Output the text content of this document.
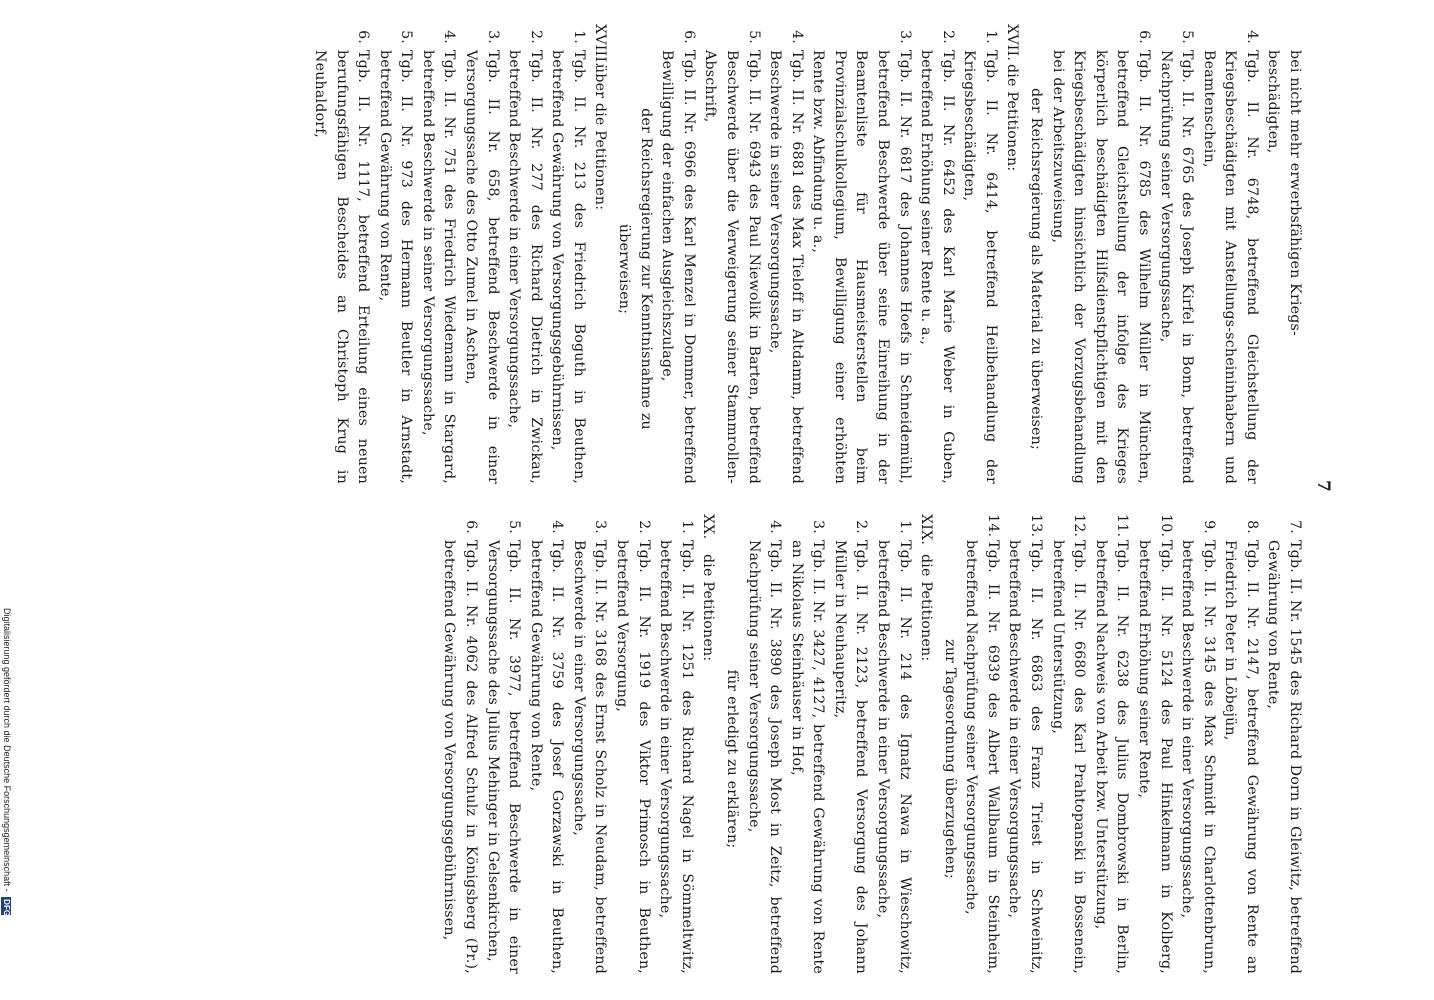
7
bei nicht mehr erwerbsfähigen Kriegs-
beschädigten,
4.
Tgb. II. Nr. 6748, betreffend Gleichstellung der Kriegsbeschädigten mit Anstellungs-scheininhabern und Beamtenschein,
5.
Tgb. II. Nr. 6765 des Joseph Kirfel in Bonn, betreffend Nachprüfung seiner Versorgungssache,
6.
Tgb. II. Nr. 6785 des Wilhelm Müller in München, betreffend Gleichstellung der infolge des Krieges körperlich beschädigten Hilfsdienstpflichtigen mit den Kriegsbeschädigten hinsichtlich der Vorzugsbehandlung bei der Arbeitszuweisung,
der Reichsregierung als Material zu überweisen;
XVII.
die Petitionen:
1.
Tgb. II. Nr. 6414, betreffend Heilbehandlung der Kriegsbeschädigten,
2.
Tgb. II. Nr. 6452 des Karl Marie Weber in Guben, betreffend Erhöhung seiner Rente u. a.,
3.
Tgb. II. Nr. 6817 des Johannes Hoefs in Schneidemühl, betreffend Beschwerde über seine Einreihung in der Beamtenliste für Hausmeisterstellen beim Provinzialschulkollegium, Bewilligung einer erhöhten Rente bzw. Abfindung u. a.,
4.
Tgb. II. Nr. 6881 des Max Tieloff in Altdamm, betreffend Beschwerde in seiner Versorgungssache,
5.
Tgb. II. Nr. 6943 des Paul Niewolik in Barten, betreffend Beschwerde über die Verweigerung seiner Stammrollen-Abschrift,
6.
Tgb. II. Nr. 6966 des Karl Menzel in Dommer, betreffend Bewilligung der einfachen Ausgleichszulage,
der Reichsregierung zur Kenntnisnahme zu überweisen;
XVIII.
über die Petitionen:
1.
Tgb. II. Nr. 213 des Friedrich Boguth in Beuthen, betreffend Gewährung von Versorgungsgebührnissen,
2.
Tgb. II. Nr. 277 des Richard Dietrich in Zwickau, betreffend Beschwerde in einer Versorgungssache,
3.
Tgb. II. Nr. 658, betreffend Beschwerde in einer Versorgungssache des Otto Zumel in Aschen,
4.
Tgb. II. Nr. 751 des Friedrich Wiedemann in Stargard, betreffend Beschwerde in seiner Versorgungssache,
5.
Tgb. II. Nr. 973 des Hermann Beutler in Arnstadt, betreffend Gewährung von Rente,
6.
Tgb. II. Nr. 1117, betreffend Erteilung eines neuen berufungsfähigen Bescheides an Christoph Krug in Neuhaldorf,
7.
Tgb. II. Nr. 1545 des Richard Dorn in Gleiwitz, betreffend Gewährung von Rente,
8.
Tgb. II. Nr. 2147, betreffend Gewährung von Rente an Friedrich Peter in Löbejün,
9.
Tgb. II. Nr. 3145 des Max Schmidt in Charlottenbrunn, betreffend Beschwerde in einer Versorgungssache,
10.
Tgb. II. Nr. 5124 des Paul Hinkelmann in Kolberg, betreffend Erhöhung seiner Rente,
11.
Tgb. II. Nr. 6238 des Julius Dombrowski in Berlin, betreffend Nachweis von Arbeit bzw. Unterstützung,
12.
Tgb. II. Nr. 6680 des Karl Prahtopanski in Bossenein, betreffend Unterstützung,
13.
Tgb. II. Nr. 6863 des Franz Triest in Schweinitz, betreffend Beschwerde in einer Versorgungssache,
14.
Tgb. II. Nr. 6939 des Albert Wallbaum in Steinheim, betreffend Nachprüfung seiner Versorgungssache,
zur Tagesordnung überzugehen;
XIX.
die Petitionen:
1.
Tgb. II. Nr. 214 des Ignatz Nawa in Wieschowitz, betreffend Beschwerde in einer Versorgungssache,
2.
Tgb. II. Nr. 2123, betreffend Versorgung des Johann Müller in Neuhauperitz,
3.
Tgb. II. Nr. 3427, 4127, betreffend Gewährung von Rente an Nikolaus Steinhäuser in Hof,
4.
Tgb. II. Nr. 3890 des Joseph Most in Zeitz, betreffend Nachprüfung seiner Versorgungssache,
für erledigt zu erklären;
XX.
die Petitionen:
1.
Tgb. II. Nr. 1251 des Richard Nagel in Sömmeltwitz, betreffend Beschwerde in einer Versorgungssache,
2.
Tgb. II. Nr. 1919 des Viktor Primosch in Beuthen, betreffend Versorgung,
3.
Tgb. II. Nr. 3168 des Ernst Scholz in Neudam, betreffend Beschwerde in einer Versorgungssache,
4.
Tgb. II. Nr. 3759 des Josef Gorzawski in Beuthen, betreffend Gewährung von Rente,
5.
Tgb. II. Nr. 3977, betreffend Beschwerde in einer Versorgungssache des Julius Mehinger in Gelsenkirchen,
6.
Tgb. II. Nr. 4062 des Alfred Schulz in Königsberg (Pr.), betreffend Gewährung von Versorgungsgebührnissen,
Digitalisierung gefördert durch die Deutsche Forschungsgemeinschaft -
DFG
